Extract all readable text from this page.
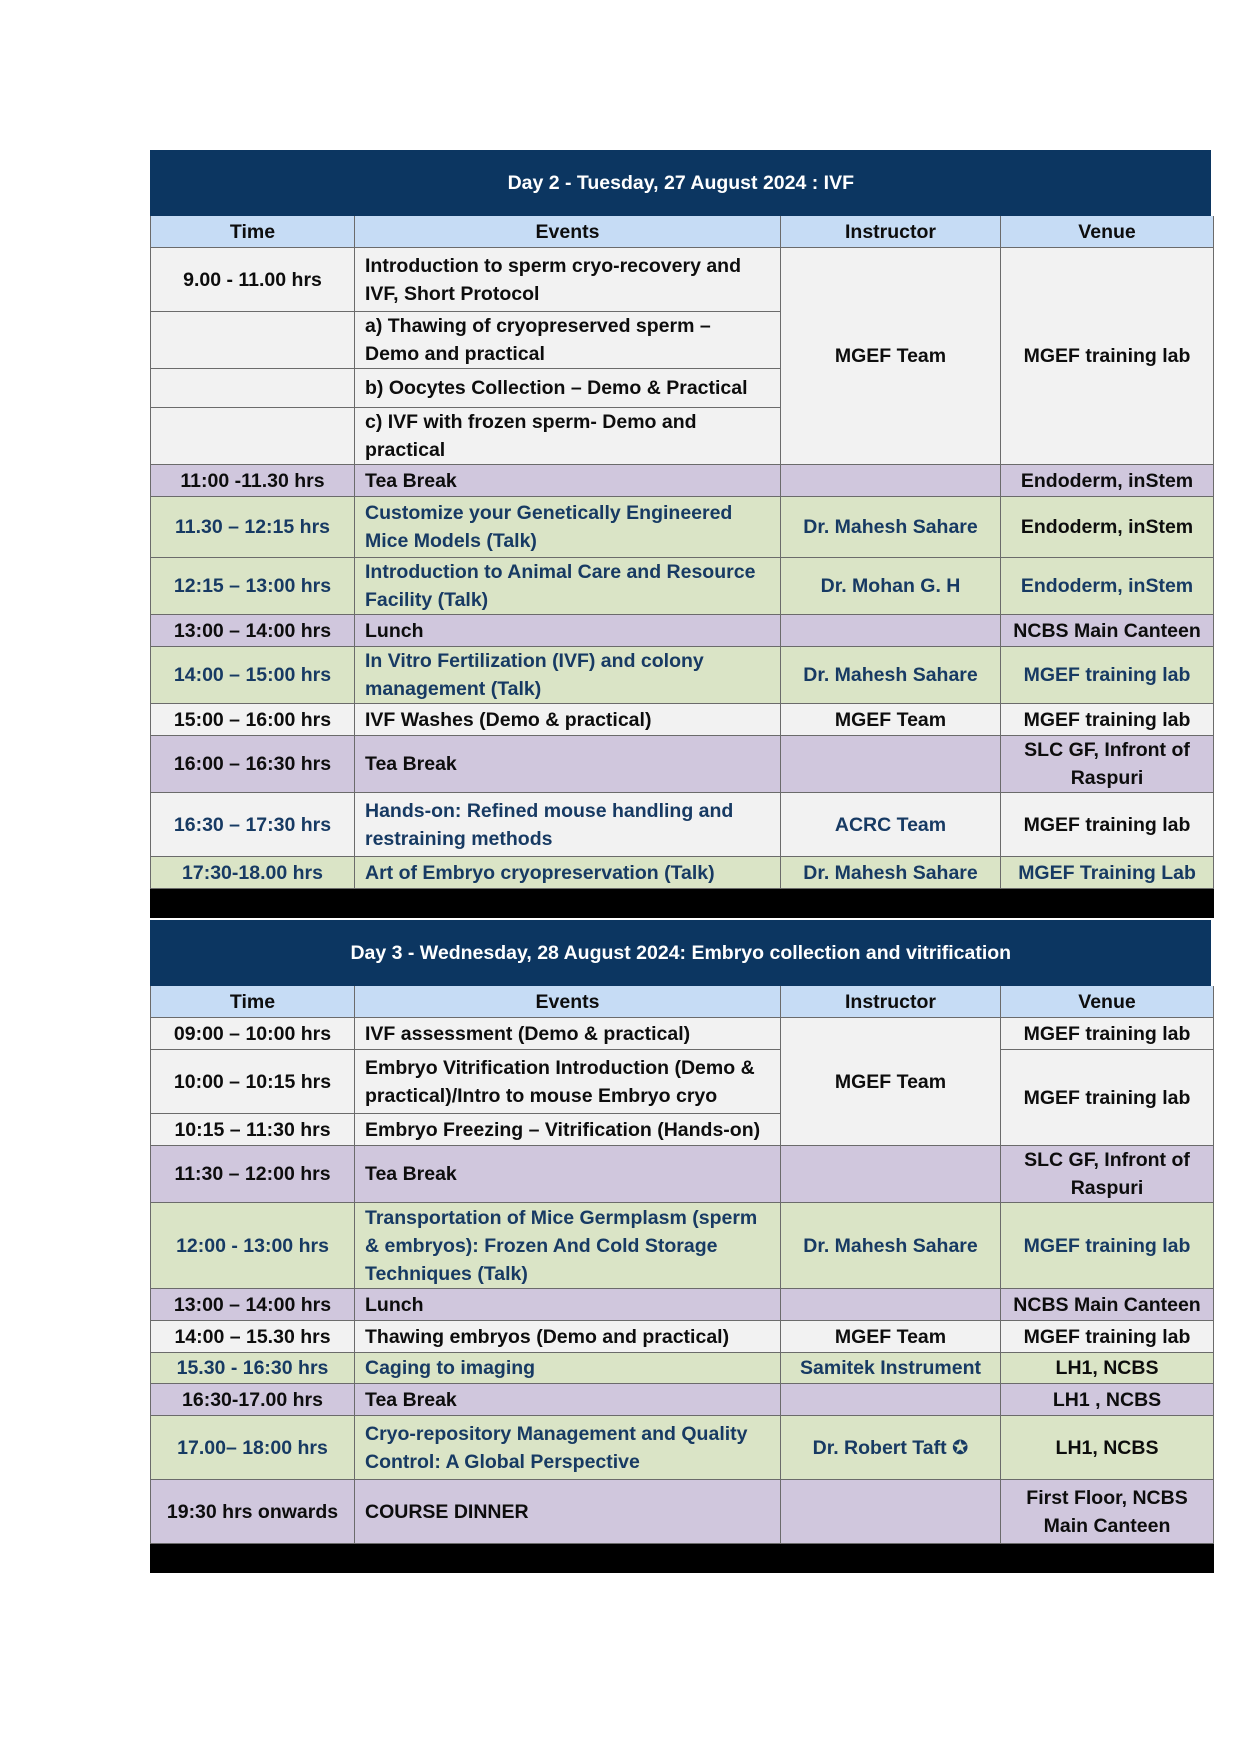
Day 2 - Tuesday, 27 August 2024 : IVF			
Time	Events	Instructor	Venue
9.00 - 11.00 hrs	Introduction to sperm cryo-recovery and IVF, Short Protocol	MGEF Team	MGEF training lab
	a) Thawing of cryopreserved sperm – Demo and practical		
	b) Oocytes Collection – Demo & Practical		
	c) IVF with frozen sperm- Demo and practical		
11:00 -11.30 hrs	Tea Break		Endoderm, inStem
11.30 – 12:15 hrs	Customize your Genetically Engineered Mice Models (Talk)	Dr. Mahesh Sahare	Endoderm, inStem
12:15 – 13:00 hrs	Introduction to Animal Care and Resource Facility (Talk)	Dr. Mohan G. H	Endoderm, inStem
13:00 – 14:00 hrs	Lunch		NCBS Main Canteen
14:00 – 15:00 hrs	In Vitro Fertilization (IVF) and colony management (Talk)	Dr. Mahesh Sahare	MGEF training lab
15:00 – 16:00 hrs	IVF Washes (Demo & practical)	MGEF Team	MGEF training lab
16:00 – 16:30 hrs	Tea Break		SLC GF, Infront of Raspuri
16:30 – 17:30 hrs	Hands-on: Refined mouse handling and restraining methods	ACRC Team	MGEF training lab
17:30-18.00 hrs	Art of Embryo cryopreservation (Talk)	Dr. Mahesh Sahare	MGEF Training Lab

Day 3 - Wednesday, 28 August 2024: Embryo collection and vitrification			
Time	Events	Instructor	Venue
09:00 – 10:00 hrs	IVF assessment (Demo & practical)	MGEF Team	MGEF training lab
10:00 – 10:15 hrs	Embryo Vitrification Introduction (Demo & practical)/Intro to mouse Embryo cryo		MGEF training lab
10:15 – 11:30 hrs	Embryo Freezing – Vitrification (Hands-on)		
11:30 – 12:00 hrs	Tea Break		SLC GF, Infront of Raspuri
12:00 - 13:00 hrs	Transportation of Mice Germplasm (sperm & embryos): Frozen And Cold Storage Techniques (Talk)	Dr. Mahesh Sahare	MGEF training lab
13:00 – 14:00 hrs	Lunch		NCBS Main Canteen
14:00 – 15.30 hrs	Thawing embryos (Demo and practical)	MGEF Team	MGEF training lab
15.30 - 16:30 hrs	Caging to imaging	Samitek Instrument	LH1, NCBS
16:30-17.00 hrs	Tea Break		LH1 , NCBS
17.00– 18:00 hrs	Cryo-repository Management and Quality Control: A Global Perspective	Dr. Robert Taft ✪	LH1, NCBS
19:30 hrs onwards	COURSE DINNER		First Floor, NCBS Main Canteen
